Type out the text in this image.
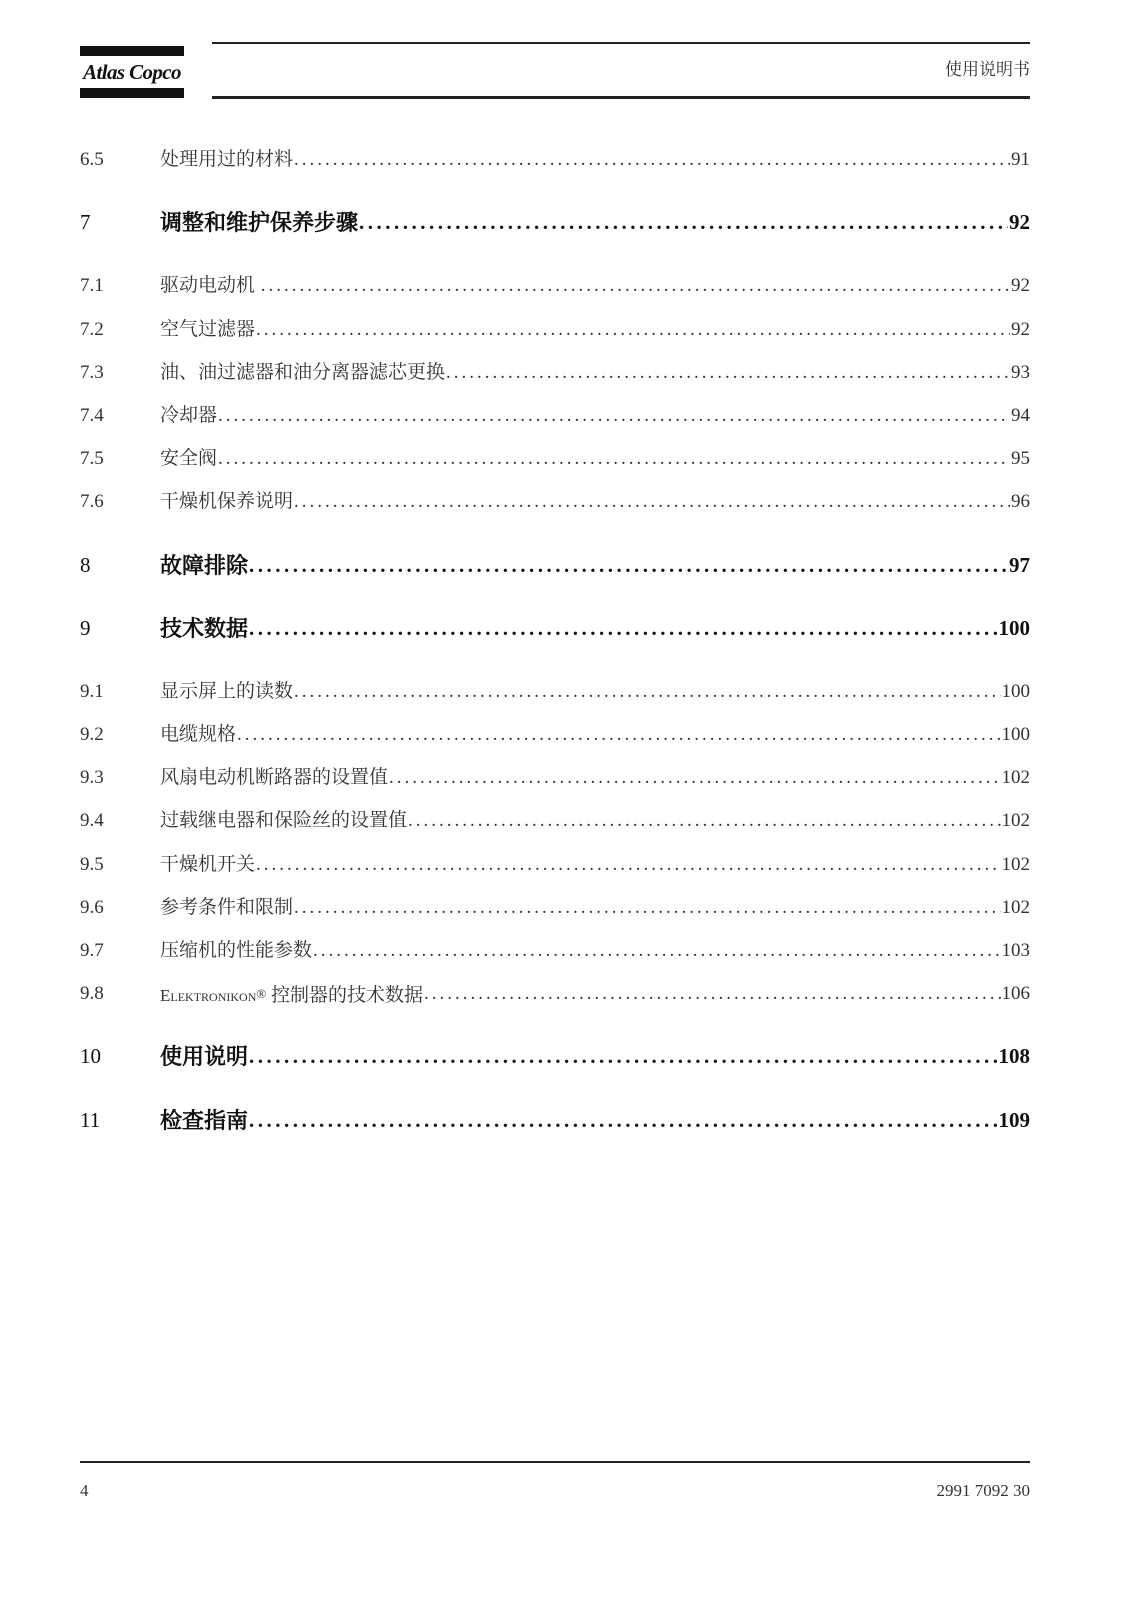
Atlas Copco	使用说明书
6.5	处理用过的材料 .....	91
7	调整和维护保养步骤 .....	92
7.1	驱动电动机 .....	92
7.2	空气过滤器 .....	92
7.3	油、油过滤器和油分离器滤芯更换 .....	93
7.4	冷却器 .....	94
7.5	安全阀 .....	95
7.6	干燥机保养说明 .....	96
8	故障排除 .....	97
9	技术数据 .....	100
9.1	显示屏上的读数 .....	100
9.2	电缆规格 .....	100
9.3	风扇电动机断路器的设置值 .....	102
9.4	过载继电器和保险丝的设置值 .....	102
9.5	干燥机开关 .....	102
9.6	参考条件和限制 .....	102
9.7	压缩机的性能参数 .....	103
9.8	Elektronikon® 控制器的技术数据 .....	106
10	使用说明 .....	108
11	检查指南 .....	109
4	2991 7092 30
